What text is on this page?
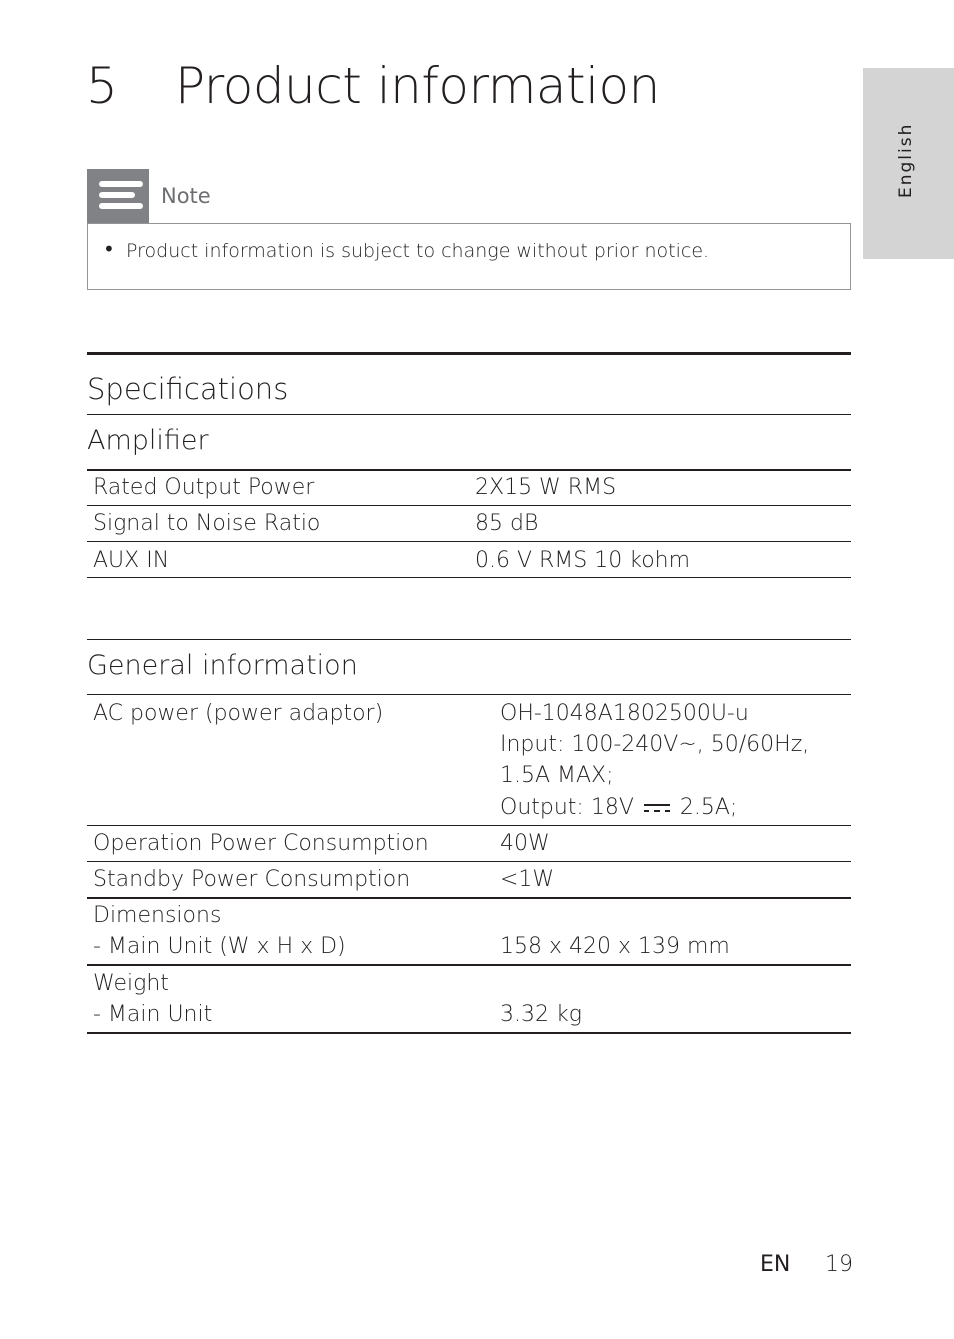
5 Product information
English
Note
• Product information is subject to change without prior notice.
Specifications
Amplifier
Rated Output Power	2X15 W RMS
Signal to Noise Ratio	85 dB
AUX IN	0.6 V RMS 10 kohm
General information
AC power (power adaptor)	OH-1048A1802500U-u
Input: 100-240V~, 50/60Hz,
1.5A MAX;
Output: 18V 2.5A;
Operation Power Consumption	40W
Standby Power Consumption	<1W
Dimensions
- Main Unit (W x H x D)	158 x 420 x 139 mm
Weight
- Main Unit	3.32 kg
EN 19
